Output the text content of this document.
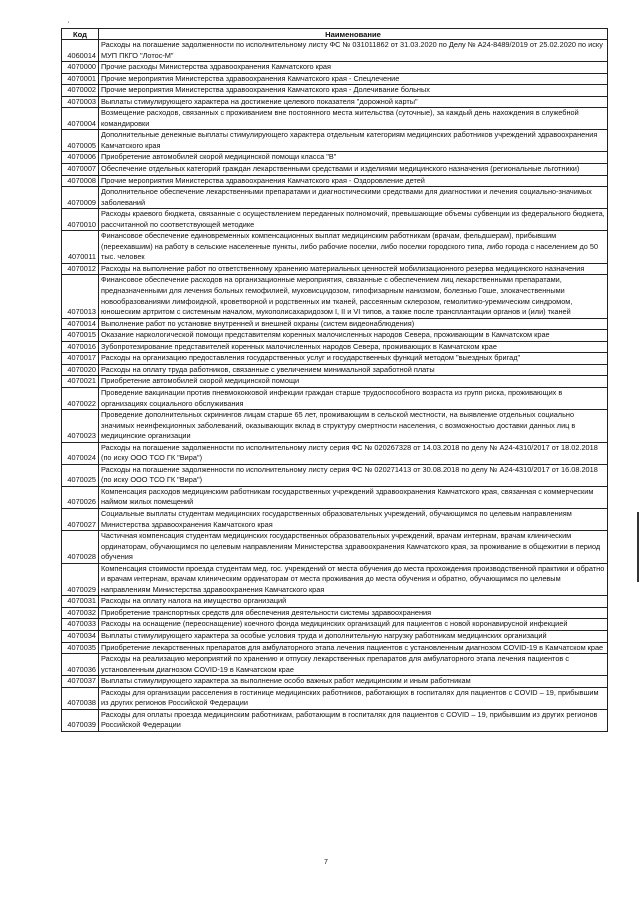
'
Код	Наименование
4060014	Расходы на погашение задолженности по исполнительному листу ФС № 031011862 от 31.03.2020 по Делу № А24-8489/2019 от 25.02.2020 по иску МУП ПКГО "Лотос-М"
4070000	Прочие расходы Министерства здравоохранения Камчатского края
4070001	Прочие мероприятия Министерства здравоохранения Камчатского края - Спецлечение
4070002	Прочие мероприятия Министерства здравоохранения Камчатского края - Долечивание больных
4070003	Выплаты стимулирующего характера на достижение целевого показателя "дорожной карты"
4070004	Возмещение расходов, связанных с проживанием вне постоянного места жительства (суточные), за каждый день нахождения в служебной командировки
4070005	Дополнительные денежные выплаты стимулирующего характера отдельным категориям медицинских работников учреждений здравоохранения Камчатского края
4070006	Приобретение автомобилей скорой медицинской помощи класса "В"
4070007	Обеспечение отдельных категорий граждан лекарственными средствами и изделиями медицинского назначения (региональные льготники)
4070008	Прочие мероприятия Министерства здравоохранения Камчатского края - Оздоровление детей
4070009	Дополнительное обеспечение лекарственными препаратами и диагностическими средствами для диагностики и лечения социально-значимых заболеваний
4070010	Расходы краевого бюджета, связанные с осуществлением переданных полномочий, превышающие объемы субвенции из федерального бюджета, рассчитанной по соответствующей методике
4070011	Финансовое обеспечение единовременных компенсационных выплат медицинским работникам (врачам, фельдшерам), прибывшим (переехавшим) на работу в сельские населенные пункты, либо рабочие поселки, либо поселки городского типа, либо города с населением до 50 тыс. человек
4070012	Расходы на выполнение работ по ответственному хранению материальных ценностей мобилизационного резерва медицинского назначения
4070013	Финансовое обеспечение расходов на организационные мероприятия, связанные с обеспечением лиц лекарственными препаратами, предназначенными для лечения больных гемофилией, муковисцидозом, гипофизарным нанизмом, болезнью Гоше, злокачественными новообразованиями лимфоидной, кроветворной и родственных им тканей, рассеянным склерозом, гемолитико-уремическим синдромом, юношеским артритом с системным началом, мукополисахаридозом I, II и VI типов, а также после трансплантации органов и (или) тканей
4070014	Выполнение работ по установке внутренней и внешней охраны (систем видеонаблюдения)
4070015	Оказание наркологической помощи представителям коренных малочисленных народов Севера, проживающим в Камчатском крае
4070016	Зубопротезирование представителей коренных малочисленных народов Севера, проживающих в Камчатском крае
4070017	Расходы на организацию предоставления государственных услуг и государственных функций методом "выездных бригад"
4070020	Расходы на оплату труда работников, связанные с увеличением минимальной заработной платы
4070021	Приобретение автомобилей скорой медицинской помощи
4070022	Проведение вакцинации против пневмококковой инфекции граждан старше трудоспособного возраста из групп риска, проживающих в организациях социального обслуживания
4070023	Проведение дополнительных скринингов лицам старше 65 лет, проживающим в сельской местности, на выявление отдельных социально значимых неинфекционных заболеваний, оказывающих вклад в структуру смертности населения, с возможностью доставки данных лиц в медицинские организации
4070024	Расходы на погашение задолженности по исполнительному листу серия ФС № 020267328 от 14.03.2018 по делу № А24-4310/2017 от 18.02.2018 (по иску ООО ТСО ГК "Вира")
4070025	Расходы на погашение задолженности по исполнительному листу серия ФС № 020271413 от 30.08.2018 по делу № А24-4310/2017 от 16.08.2018 (по иску ООО ТСО ГК "Вира")
4070026	Компенсация расходов медицинским работникам государственных учреждений здравоохранения Камчатского края, связанная с коммерческим наймом жилых помещений
4070027	Социальные выплаты студентам медицинских государственных образовательных учреждений, обучающимся по целевым направлениям Министерства здравоохранения Камчатского края
4070028	Частичная компенсация студентам медицинских государственных образовательных учреждений, врачам интернам, врачам клиническим ординаторам, обучающимся по целевым направлениям Министерства здравоохранения Камчатского края, за проживание в общежитии в период обучения
4070029	Компенсация стоимости проезда студентам мед. гос. учреждений от места обучения до места прохождения производственной практики и обратно и врачам интернам, врачам клиническим ординаторам от места проживания до места обучения и обратно, обучающимся по целевым направлениям Министерства здравоохранения Камчатского края
4070031	Расходы на оплату налога на имущество организаций
4070032	Приобретение транспортных средств для обеспечения деятельности системы здравоохранения
4070033	Расходы на оснащение (переоснащение) коечного фонда медицинских организаций для пациентов с новой коронавирусной инфекцией
4070034	Выплаты стимулирующего характера за особые условия труда и дополнительную нагрузку работникам медицинских организаций
4070035	Приобретение лекарственных препаратов для амбулаторного этапа лечения пациентов с установленным диагнозом COVID-19 в Камчатском крае
4070036	Расходы на реализацию мероприятий по хранению и отпуску лекарственных препаратов для амбулаторного этапа лечения пациентов с установленным диагнозом COVID-19 в Камчатском крае
4070037	Выплаты стимулирующего характера за выполнение особо важных работ медицинским и иным работникам
4070038	Расходы для организации расселения в гостинице медицинских работников, работающих в госпиталях для пациентов с COVID – 19, прибывшим из других регионов Российской Федерации
4070039	Расходы для оплаты проезда медицинским работникам, работающим в госпиталях для пациентов с COVID – 19, прибывшим из других регионов Российской Федерации
7
